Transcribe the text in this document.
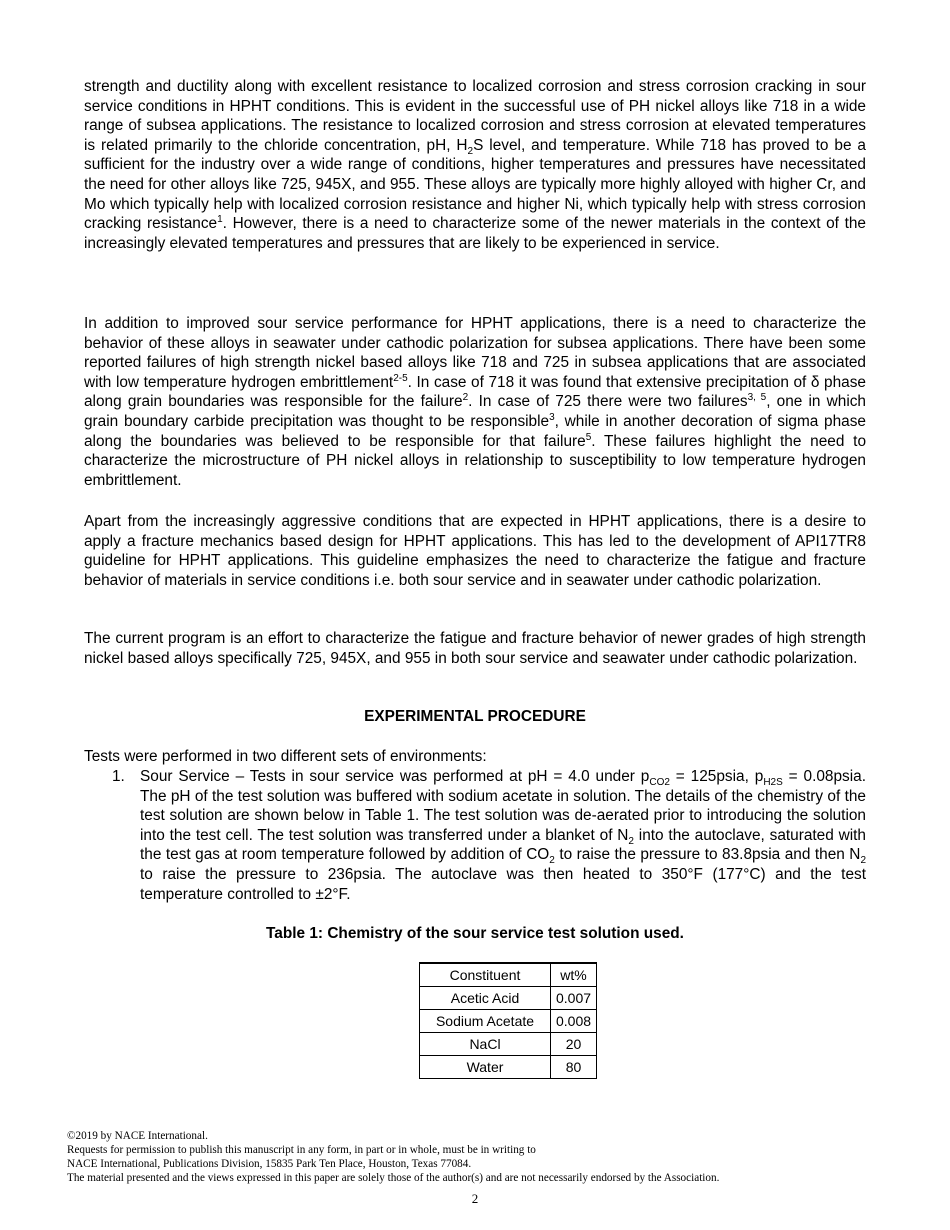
strength and ductility along with excellent resistance to localized corrosion and stress corrosion cracking in sour service conditions in HPHT conditions. This is evident in the successful use of PH nickel alloys like 718 in a wide range of subsea applications. The resistance to localized corrosion and stress corrosion at elevated temperatures is related primarily to the chloride concentration, pH, $H_2S$ level, and temperature. While 718 has proved to be a sufficient for the industry over a wide range of conditions, higher temperatures and pressures have necessitated the need for other alloys like 725, 945X, and 955. These alloys are typically more highly alloyed with higher Cr, and Mo which typically help with localized corrosion resistance and higher Ni, which typically help with stress corrosion cracking resistance$^1$. However, there is a need to characterize some of the newer materials in the context of the increasingly elevated temperatures and pressures that are likely to be experienced in service.

In addition to improved sour service performance for HPHT applications, there is a need to characterize the behavior of these alloys in seawater under cathodic polarization for subsea applications. There have been some reported failures of high strength nickel based alloys like 718 and 725 in subsea applications that are associated with low temperature hydrogen embrittlement$^{2-5}$. In case of 718 it was found that extensive precipitation of δ phase along grain boundaries was responsible for the failure$^2$. In case of 725 there were two failures$^{3, 5}$, one in which grain boundary carbide precipitation was thought to be responsible$^3$, while in another decoration of sigma phase along the boundaries was believed to be responsible for that failure$^5$. These failures highlight the need to characterize the microstructure of PH nickel alloys in relationship to susceptibility to low temperature hydrogen embrittlement.

Apart from the increasingly aggressive conditions that are expected in HPHT applications, there is a desire to apply a fracture mechanics based design for HPHT applications. This has led to the development of API17TR8 guideline for HPHT applications. This guideline emphasizes the need to characterize the fatigue and fracture behavior of materials in service conditions i.e. both sour service and in seawater under cathodic polarization.

The current program is an effort to characterize the fatigue and fracture behavior of newer grades of high strength nickel based alloys specifically 725, 945X, and 955 in both sour service and seawater under cathodic polarization.

EXPERIMENTAL PROCEDURE

Tests were performed in two different sets of environments:

1. Sour Service – Tests in sour service was performed at pH = 4.0 under $p_{CO2}$ = 125psia, $p_{H2S}$ = 0.08psia. The pH of the test solution was buffered with sodium acetate in solution. The details of the chemistry of the test solution are shown below in Table 1. The test solution was de-aerated prior to introducing the solution into the test cell. The test solution was transferred under a blanket of $N_2$ into the autoclave, saturated with the test gas at room temperature followed by addition of $CO_2$ to raise the pressure to 83.8psia and then $N_2$ to raise the pressure to 236psia. The autoclave was then heated to 350°F (177°C) and the test temperature controlled to ±2°F.

Table 1: Chemistry of the sour service test solution used.
Constituent	wt%
Acetic Acid	0.007
Sodium Acetate	0.008
NaCl	20
Water	80
©2019 by NACE International.
Requests for permission to publish this manuscript in any form, in part or in whole, must be in writing to
NACE International, Publications Division, 15835 Park Ten Place, Houston, Texas 77084.
The material presented and the views expressed in this paper are solely those of the author(s) and are not necessarily endorsed by the Association.
2
